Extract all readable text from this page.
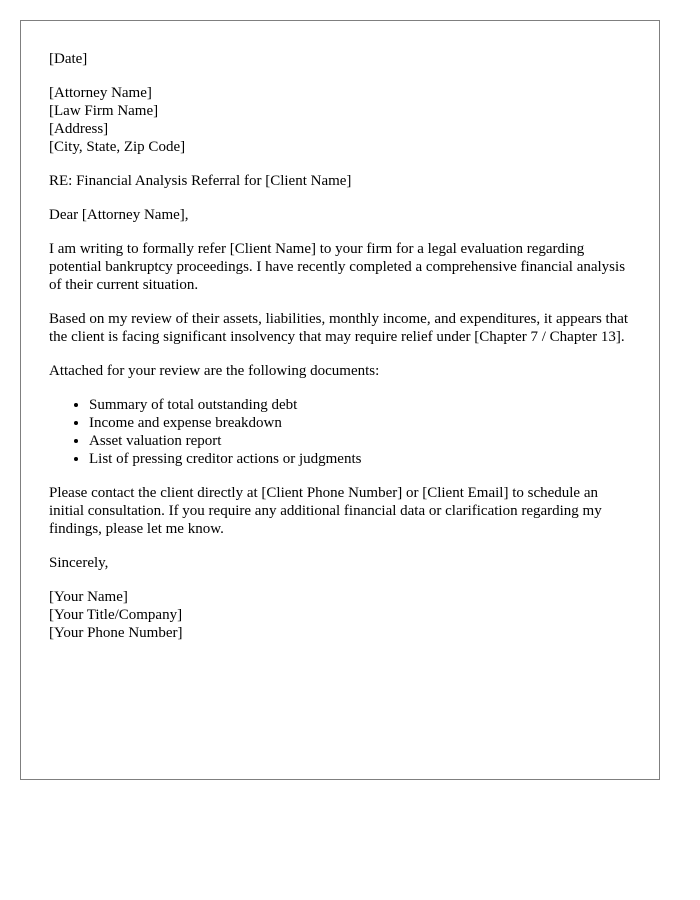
[Date]
[Attorney Name]
[Law Firm Name]
[Address]
[City, State, Zip Code]
RE: Financial Analysis Referral for [Client Name]
Dear [Attorney Name],

I am writing to formally refer [Client Name] to your firm for a legal evaluation regarding potential bankruptcy proceedings. I have recently completed a comprehensive financial analysis of their current situation.

Based on my review of their assets, liabilities, monthly income, and expenditures, it appears that the client is facing significant insolvency that may require relief under [Chapter 7 / Chapter 13].

Attached for your review are the following documents:

• Summary of total outstanding debt
• Income and expense breakdown
• Asset valuation report
• List of pressing creditor actions or judgments

Please contact the client directly at [Client Phone Number] or [Client Email] to schedule an initial consultation. If you require any additional financial data or clarification regarding my findings, please let me know.

Sincerely,
[Your Name]
[Your Title/Company]
[Your Phone Number]
